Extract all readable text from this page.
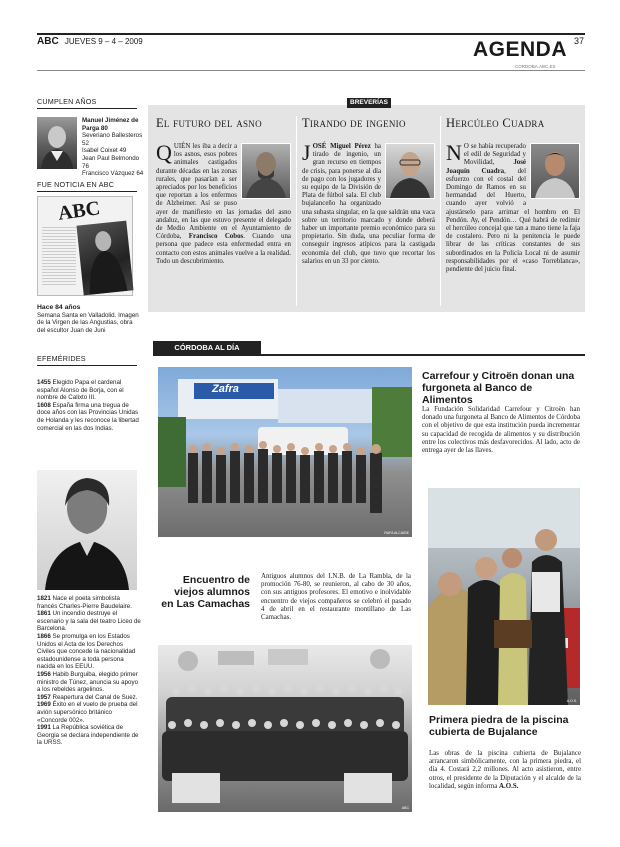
ABC JUEVES 9 – 4 – 2009	AGENDA
CORDOBA.ABC.ES
37
CUMPLEN AÑOS
Manuel Jiménez de Parga 80
Severiano Ballesteros 52
Isabel Coixet 49
Jean Paul Belmondo 76
Francisco Vázquez 64
FUE NOTICIA EN ABC
ABC
Hace 84 años
Semana Santa en Valladolid. Imagen de la Virgen de las Angustias, obra del escultor Juan de Juni
EFEMÉRIDES
1455 Elegido Papa el cardenal español Alonso de Borja, con el nombre de Calixto III.
1608 España firma una tregua de doce años con las Provincias Unidas de Holanda y les reconoce la libertad comercial en las dos Indias.
1821 Nace el poeta simbolista francés Charles-Pierre Baudelaire.
1861 Un incendio destruye el escenario y la sala del teatro Liceo de Barcelona.
1866 Se promulga en los Estados Unidos el Acta de los Derechos Civiles que concede la nacionalidad estadounidense a toda persona nacida en los EEUU.
1956 Habib Burguiba, elegido primer ministro de Túnez, anuncia su apoyo a los rebeldes argelinos.
1957 Reapertura del Canal de Suez.
1969 Éxito en el vuelo de prueba del avión supersónico británico «Concorde 002».
1991 La República soviética de Georgia se declara independiente de la URSS.
BREVERÍAS
El futuro del asno
QUIÉN les iba a decir a los asnos, esos pobres animales castigados durante décadas en las zonas rurales, que pasarían a ser apreciados por los beneficios que reportan a los enfermos de Alzheimer. Así se puso ayer de manifiesto en las jornadas del asno andaluz, en las que estuvo presente el delegado de Medio Ambiente en el Ayuntamiento de Córdoba, Francisco Cobos. Cuando una persona que padece esta enfermedad entra en contacto con estos animales vuelve a la realidad. Todo un descubrimiento.
Tirando de ingenio
JOSÉ Miguel Pérez ha tirado de ingenio, un gran recurso en tiempos de crisis, para ponerse al día de pago con los jugadores y su equipo de la División de Plata de fútbol sala. El club bujalanceño ha organizado una subasta singular, en la que saldrán una vaca sobre un territorio marcado y donde deberá haber un importante premio económico para su propietario. Sin duda, una peculiar forma de conseguir ingresos atípicos para la castigada economía del club, que tuvo que recortar los salarios en un 33 por ciento.
Hercúleo Cuadra
N O se había recuperado el edil de Seguridad y Movilidad, José Joaquín Cuadra, del esfuerzo con el costal del Domingo de Ramos en su hermandad del Huerto, cuando ayer volvió a ajustárselo para arrimar el hombro en El Pendón. Ay, el Pendón… Qué habrá de redimir el hercúleo concejal que tan a mano tiene la faja de costalero. Pero ni la penitencia le puede librar de las críticas constantes de sus subordinados en la Policía Local ni de asumir responsabilidades por el «caso Torreblanca», pendiente del juicio final.
CÓRDOBA AL DÍA
Zafra
RAFA ALCAIDE
Carrefour y Citroën donan una furgoneta al Banco de Alimentos
La Fundación Solidaridad Carrefour y Citroën han donado una furgoneta al Banco de Alimentos de Córdoba con el objetivo de que esta institución pueda incrementar su capacidad de recogida de alimentos y su distribución entre los colectivos más desfavorecidos. Al lado, acto de entrega ayer de las llaves.
A.O.S.
Encuentro de viejos alumnos en Las Camachas
Antiguos alumnos del I.N.B. de La Rambla, de la promoción 76-80, se reunieron, al cabo de 30 años, con sus antiguos profesores. El emotivo e inolvidable encuentro de viejos compañeros se celebró el pasado 4 de abril en el restaurante montillano de Las Camachas.
ABC
Primera piedra de la piscina cubierta de Bujalance
Las obras de la piscina cubierta de Bujalance arrancaron simbólicamente, con la primera piedra, el día 4. Costará 2,2 millones. Al acto asistieron, entre otros, el presidente de la Diputación y el alcalde de la localidad, según informa A.O.S.
